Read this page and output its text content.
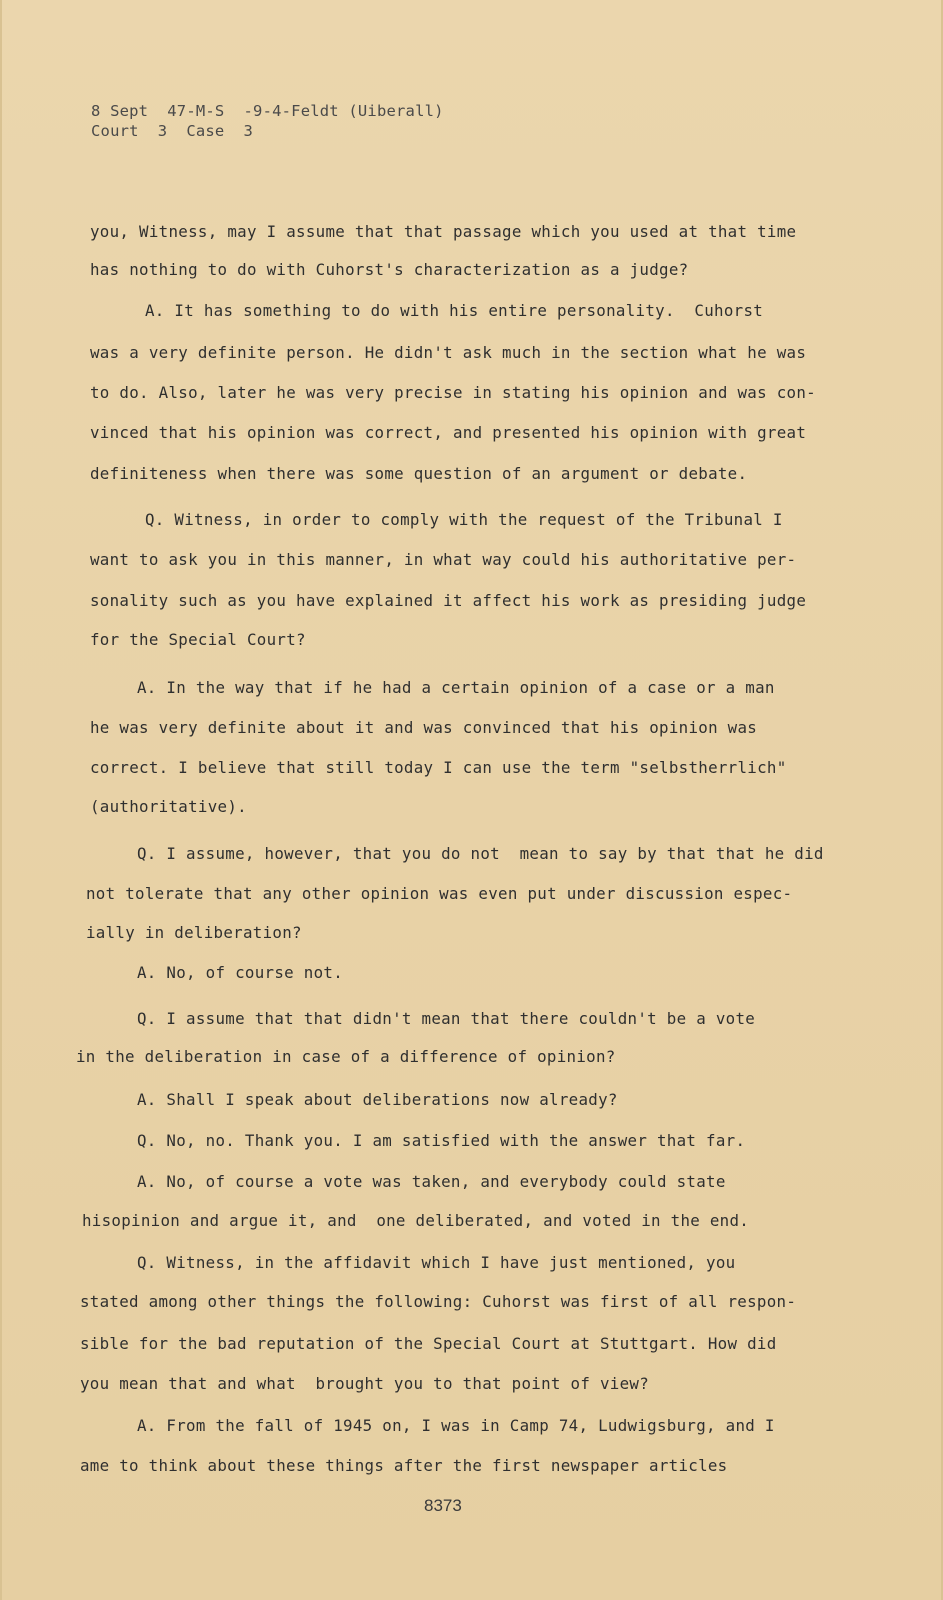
8 Sept  47-M-S  -9-4-Feldt (Uiberall)
Court  3  Case  3
you, Witness, may I assume that that passage which you used at that time
has nothing to do with Cuhorst's characterization as a judge?
A. It has something to do with his entire personality.  Cuhorst
was a very definite person. He didn't ask much in the section what he was
to do. Also, later he was very precise in stating his opinion and was con-
vinced that his opinion was correct, and presented his opinion with great
definiteness when there was some question of an argument or debate.
Q. Witness, in order to comply with the request of the Tribunal I
want to ask you in this manner, in what way could his authoritative per-
sonality such as you have explained it affect his work as presiding judge
for the Special Court?
A. In the way that if he had a certain opinion of a case or a man
he was very definite about it and was convinced that his opinion was
correct. I believe that still today I can use the term "selbstherrlich"
(authoritative).
Q. I assume, however, that you do not  mean to say by that that he did
not tolerate that any other opinion was even put under discussion espec-
ially in deliberation?
A. No, of course not.
Q. I assume that that didn't mean that there couldn't be a vote
in the deliberation in case of a difference of opinion?
A. Shall I speak about deliberations now already?
Q. No, no. Thank you. I am satisfied with the answer that far.
A. No, of course a vote was taken, and everybody could state
hisopinion and argue it, and  one deliberated, and voted in the end.
Q. Witness, in the affidavit which I have just mentioned, you
stated among other things the following: Cuhorst was first of all respon-
sible for the bad reputation of the Special Court at Stuttgart. How did
you mean that and what  brought you to that point of view?
A. From the fall of 1945 on, I was in Camp 74, Ludwigsburg, and I
ame to think about these things after the first newspaper articles
8373
